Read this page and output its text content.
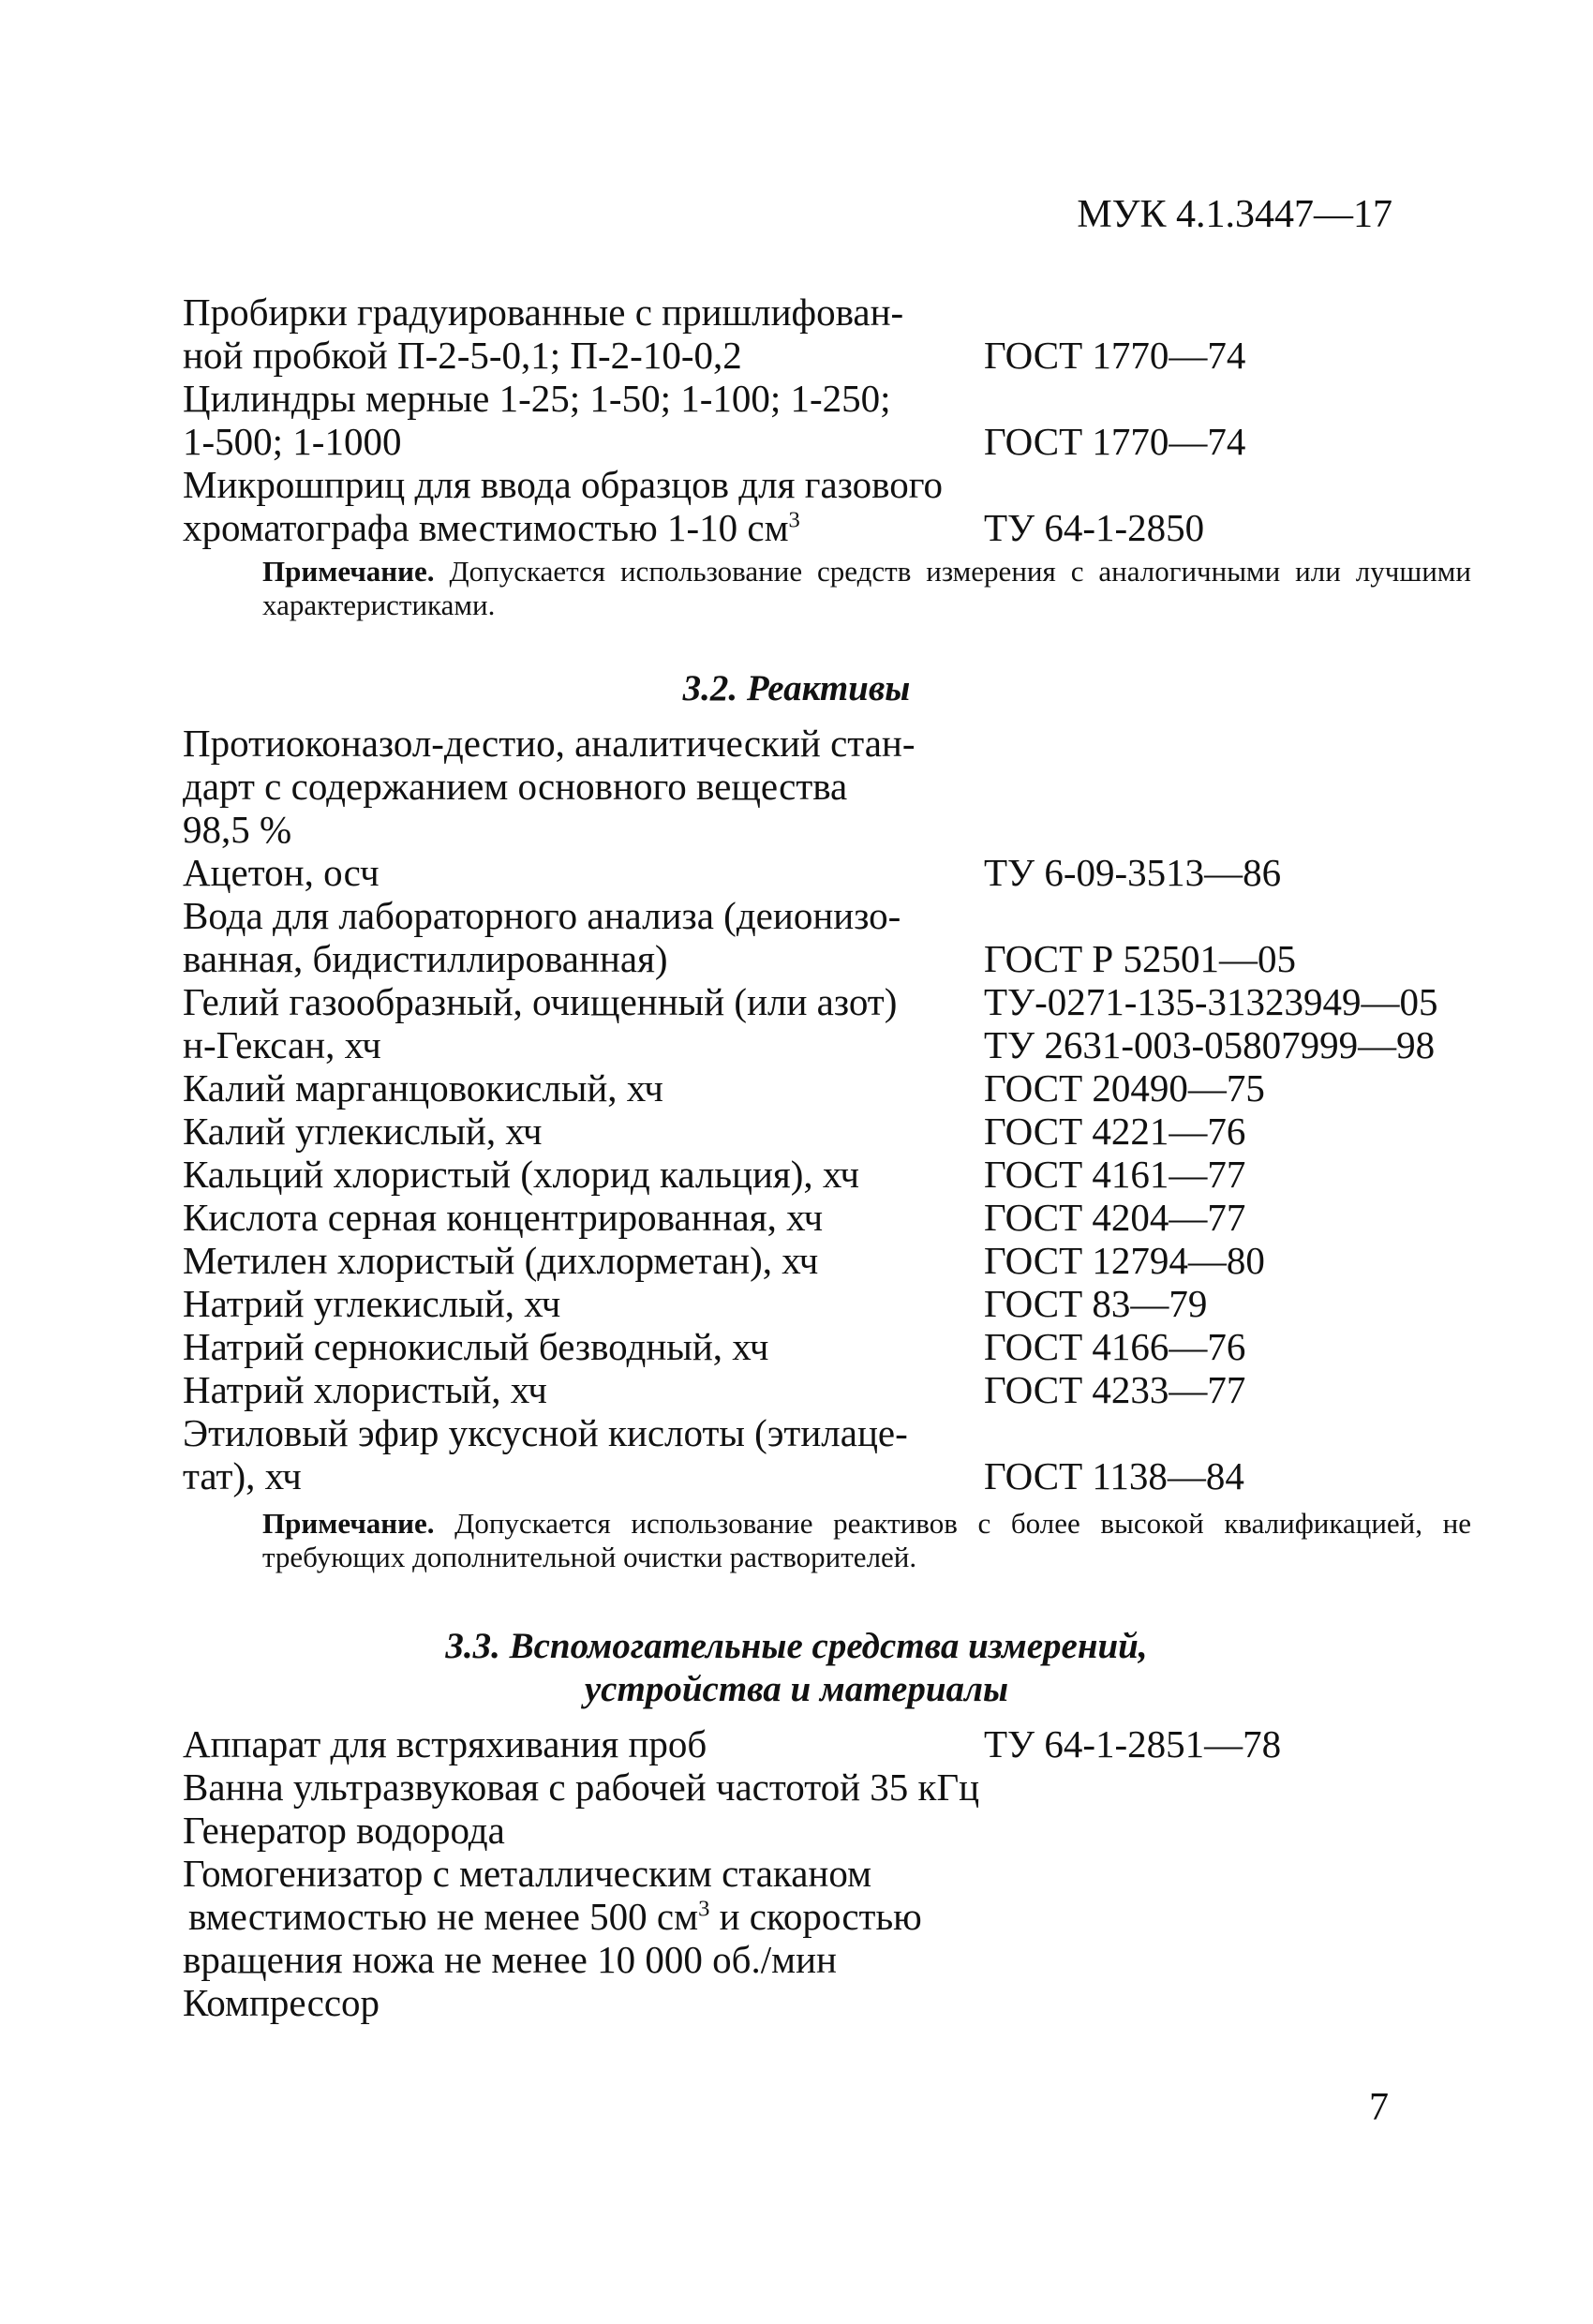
МУК 4.1.3447—17
Пробирки градуированные с пришлифован-
ной пробкой П-2-5-0,1; П-2-10-0,2	ГОСТ 1770—74
Цилиндры мерные 1-25; 1-50; 1-100; 1-250;
1-500; 1-1000	ГОСТ 1770—74
Микрошприц для ввода образцов для газового
хроматографа вместимостью 1-10 $см^3$	ТУ 64-1-2850
Примечание. Допускается использование средств измерения с аналогичными или лучшими характеристиками.
3.2. Реактивы
Протиоконазол-дестио, аналитический стан-
дарт с содержанием основного вещества
98,5 %
Ацетон, осч	ТУ 6-09-3513—86
Вода для лабораторного анализа (деионизо-
ванная, бидистиллированная)	ГОСТ Р 52501—05
Гелий газообразный, очищенный (или азот)	ТУ-0271-135-31323949—05
н-Гексан, хч	ТУ 2631-003-05807999—98
Калий марганцовокислый, хч	ГОСТ 20490—75
Калий углекислый, хч	ГОСТ 4221—76
Кальций хлористый (хлорид кальция), хч	ГОСТ 4161—77
Кислота серная концентрированная, хч	ГОСТ 4204—77
Метилен хлористый (дихлорметан), хч	ГОСТ 12794—80
Натрий углекислый, хч	ГОСТ 83—79
Натрий сернокислый безводный, хч	ГОСТ 4166—76
Натрий хлористый, хч	ГОСТ 4233—77
Этиловый эфир уксусной кислоты (этилаце-
тат), хч	ГОСТ 1138—84
Примечание. Допускается использование реактивов с более высокой квалификацией, не требующих дополнительной очистки растворителей.
3.3. Вспомогательные средства измерений,
устройства и материалы
Аппарат для встряхивания проб	ТУ 64-1-2851—78
Ванна ультразвуковая с рабочей частотой 35 кГц
Генератор водорода
Гомогенизатор с металлическим стаканом
вместимостью не менее 500 $см^3$ и скоростью
вращения ножа не менее 10 000 об./мин
Компрессор
7
